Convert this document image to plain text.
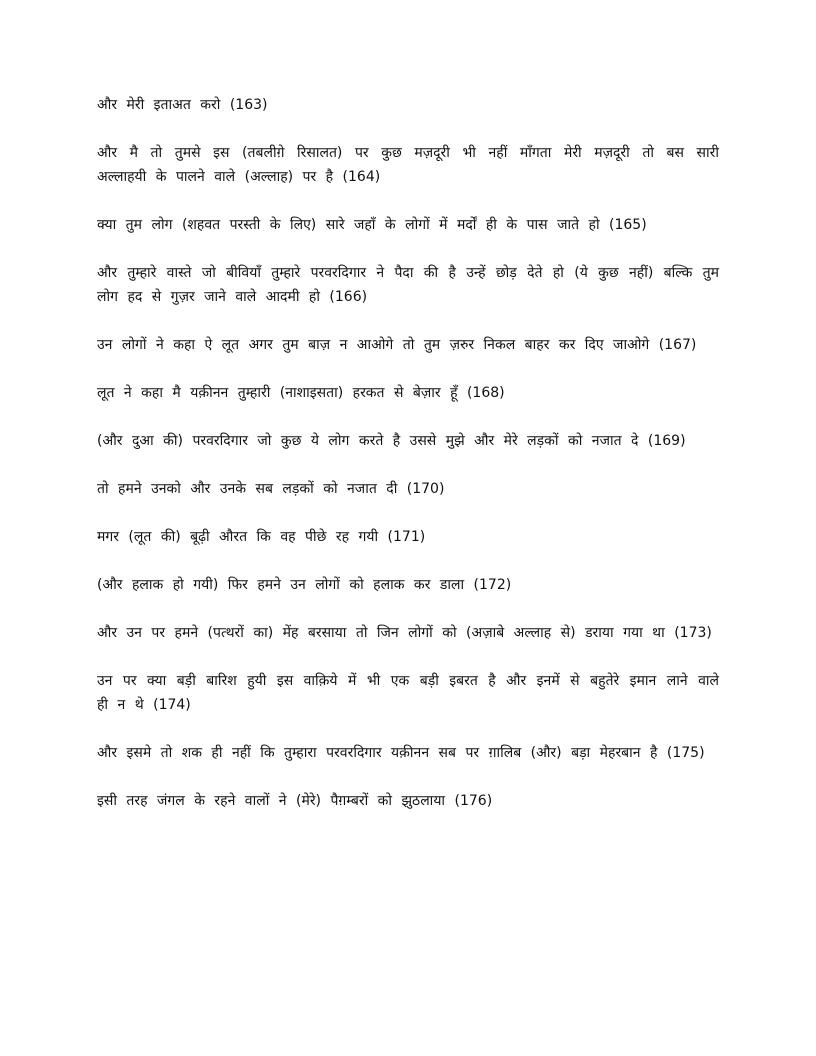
और मेरी इताअत करो (163)

और मै तो तुमसे इस (तबलीगे़ रिसालत) पर कुछ मज़दूरी भी नहीं माँगता मेरी मज़दूरी तो बस सारी अल्लाहयी के पालने वाले (अल्लाह) पर है (164)

क्या तुम लोग (शहवत परस्ती के लिए) सारे जहाँ के लोगों में मर्दों ही के पास जाते हो (165)

और तुम्हारे वास्ते जो बीवियाँ तुम्हारे परवरदिगार ने पैदा की है उन्हें छोड़ देते हो (ये कुछ नहीं) बल्कि तुम लोग हद से गुज़र जाने वाले आदमी हो (166)

उन लोगों ने कहा ऐ लूत अगर तुम बाज़ न आओगे तो तुम ज़रुर निकल बाहर कर दिए जाओगे (167)

लूत ने कहा मै यक़ीनन तुम्हारी (नाशाइसता) हरकत से बेज़ार हूँ (168)

(और दुआ की) परवरदिगार जो कुछ ये लोग करते है उससे मुझे और मेरे लड़कों को नजात दे (169)

तो हमने उनको और उनके सब लड़कों को नजात दी (170)

मगर (लूत की) बूढ़ी औरत कि वह पीछे रह गयी (171)

(और हलाक हो गयी) फिर हमने उन लोगों को हलाक कर डाला (172)

और उन पर हमने (पत्थरों का) मेंह बरसाया तो जिन लोगों को (अज़ाबे अल्लाह से) डराया गया था (173)

उन पर क्या बड़ी बारिश हुयी इस वाक़िये में भी एक बड़ी इबरत है और इनमें से बहुतेरे इमान लाने वाले ही न थे (174)

और इसमे तो शक ही नहीं कि तुम्हारा परवरदिगार यक़ीनन सब पर ग़ालिब (और) बड़ा मेहरबान है (175)

इसी तरह जंगल के रहने वालों ने (मेरे) पैग़म्बरों को झुठलाया (176)
